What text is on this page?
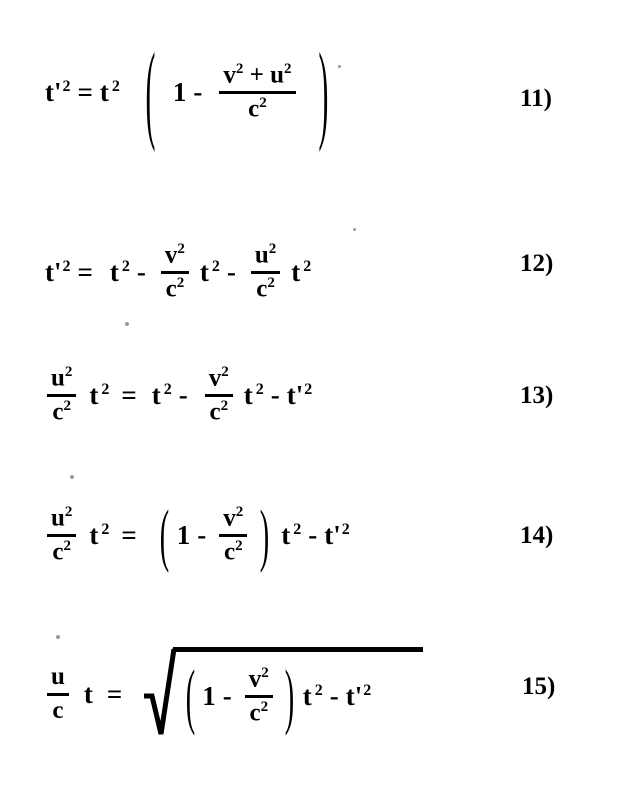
$t'^2 = t$ $^2$ ( $1 - \frac{v^2 + u^2}{c^2}$ )	11)
$t'^2 = t$ $^2 - \frac{v^2}{c^2}$ t $^2 - \frac{u^2}{c^2}$ t $^2$	12)
$\frac{u^2}{c^2}$ t $^2$ = t $^2 - \frac{v^2}{c^2}$ t $^2 - t'^2$	13)
$\frac{u^2}{c^2}$ t $^2$ = ( $1 - \frac{v^2}{c^2}$ ) t $^2 - t'^2$	14)
$\frac{u}{c}$ t = ( $1 - \frac{v^2}{c^2}$ ) t $^2 - t'^2$	15)
